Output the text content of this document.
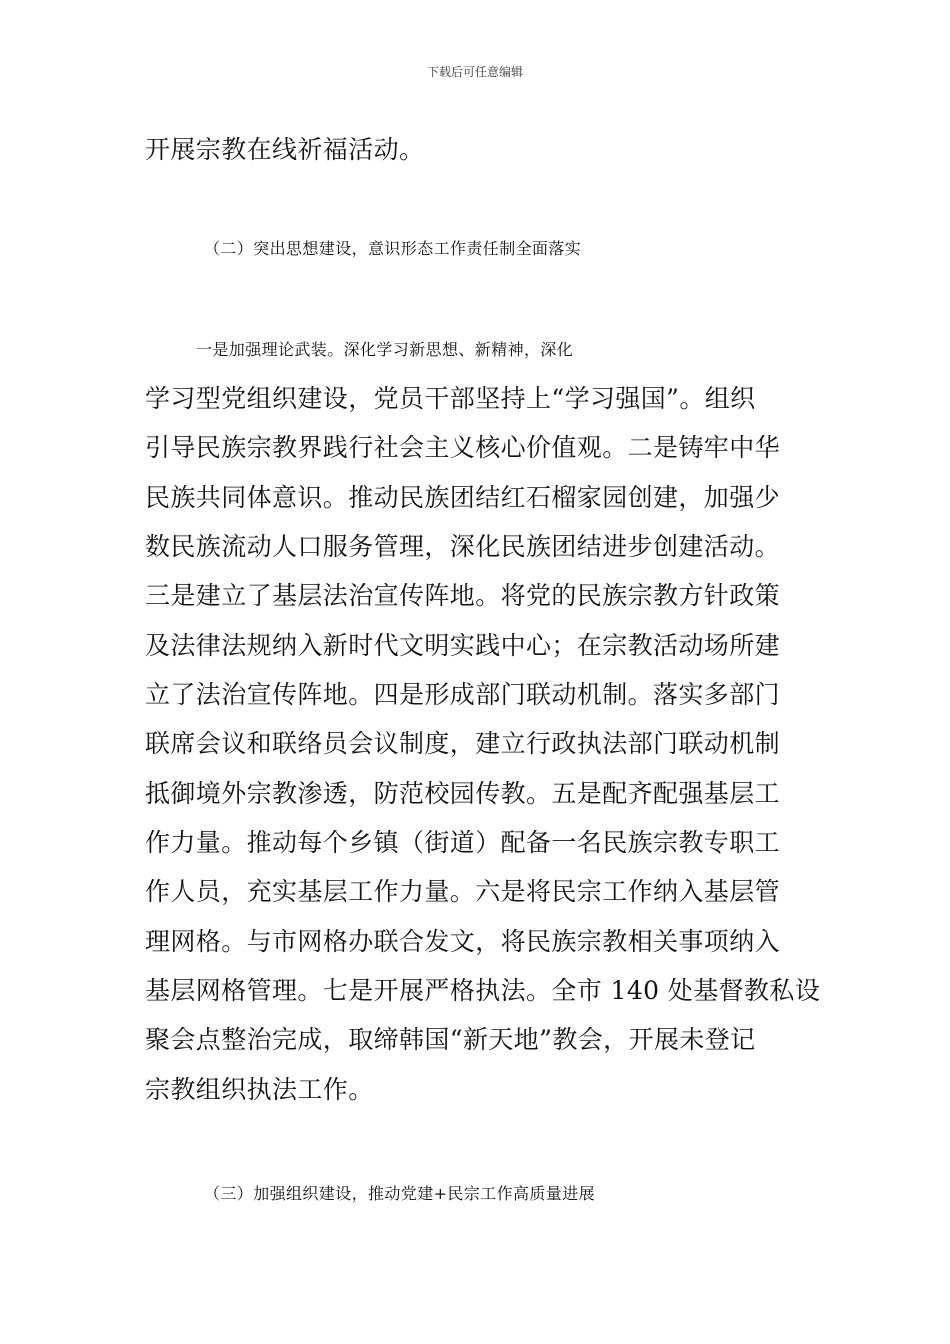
下载后可任意编辑
开展宗教在线祈福活动。
（二）突出思想建设，意识形态工作责任制全面落实
一是加强理论武装。深化学习新思想、新精神，深化
学习型党组织建设，党员干部坚持上“学习强国”。组织
引导民族宗教界践行社会主义核心价值观。二是铸牢中华
民族共同体意识。推动民族团结红石榴家园创建，加强少
数民族流动人口服务管理，深化民族团结进步创建活动。
三是建立了基层法治宣传阵地。将党的民族宗教方针政策
及法律法规纳入新时代文明实践中心；在宗教活动场所建
立了法治宣传阵地。四是形成部门联动机制。落实多部门
联席会议和联络员会议制度，建立行政执法部门联动机制
抵御境外宗教渗透，防范校园传教。五是配齐配强基层工
作力量。推动每个乡镇（街道）配备一名民族宗教专职工
作人员，充实基层工作力量。六是将民宗工作纳入基层管
理网格。与市网格办联合发文，将民族宗教相关事项纳入
基层网格管理。七是开展严格执法。全市 140 处基督教私设
聚会点整治完成，取缔韩国“新天地”教会，开展未登记
宗教组织执法工作。
（三）加强组织建设，推动党建+民宗工作高质量进展
